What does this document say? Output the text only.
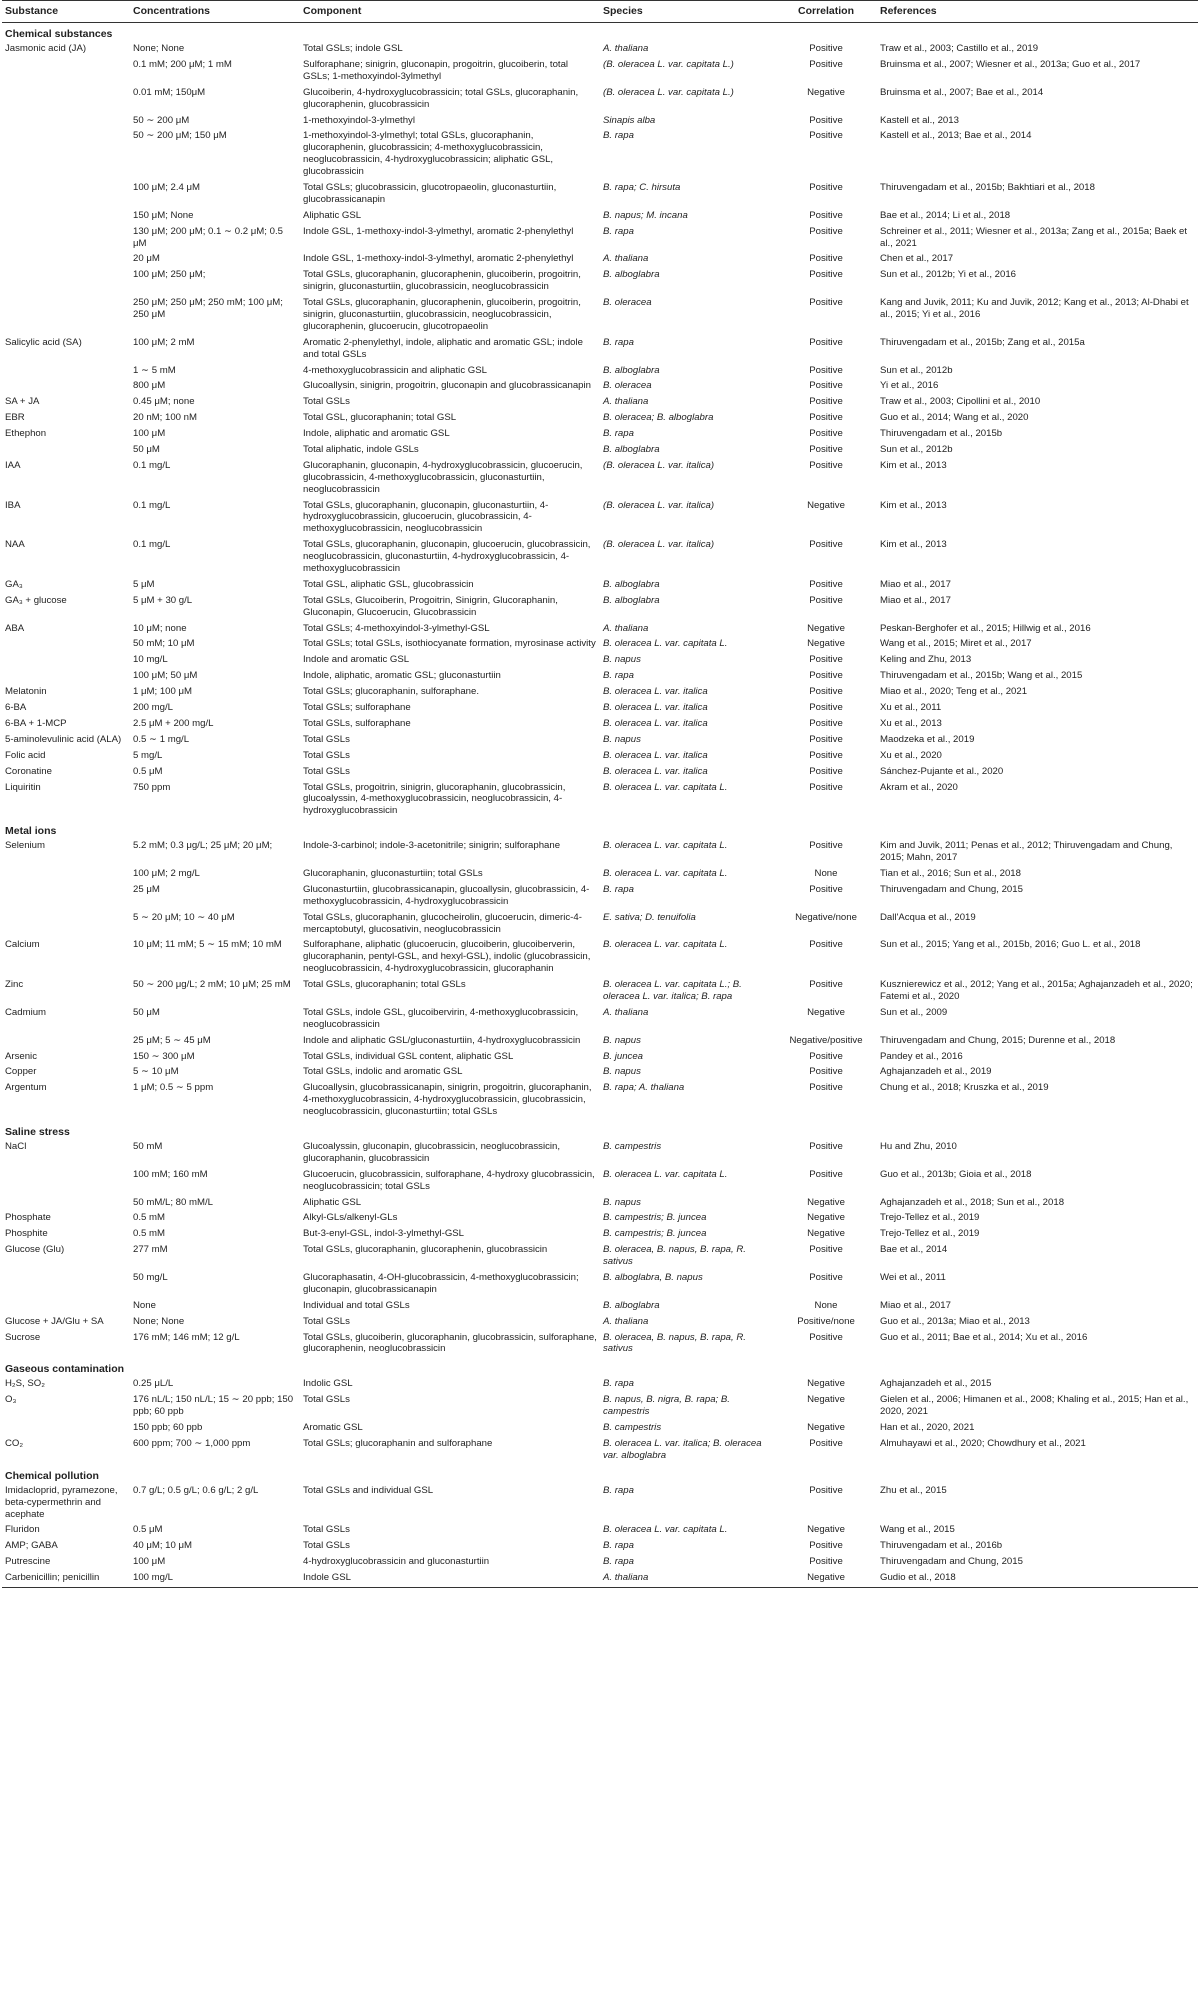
Substance	Concentrations	Component	Species	Correlation	References
Chemical substances					
Jasmonic acid (JA)	None; None	Total GSLs; indole GSL	A. thaliana	Positive	Traw et al., 2003; Castillo et al., 2019
	0.1 mM; 200 μM; 1 mM	Sulforaphane; sinigrin, gluconapin, progoitrin, glucoiberin, total GSLs; 1-methoxyindol-3ylmethyl	(B. oleracea L. var. capitata L.)	Positive	Bruinsma et al., 2007; Wiesner et al., 2013a; Guo et al., 2017
	0.01 mM; 150μM	Glucoiberin, 4-hydroxyglucobrassicin; total GSLs, glucoraphanin, glucoraphenin, glucobrassicin	(B. oleracea L. var. capitata L.)	Negative	Bruinsma et al., 2007; Bae et al., 2014
	50 ∼ 200 μM	1-methoxyindol-3-ylmethyl	Sinapis alba	Positive	Kastell et al., 2013
	50 ∼ 200 μM; 150 μM	1-methoxyindol-3-ylmethyl; total GSLs, glucoraphanin, glucoraphenin, glucobrassicin; 4-methoxyglucobrassicin, neoglucobrassicin, 4-hydroxyglucobrassicin; aliphatic GSL, glucobrassicin	B. rapa	Positive	Kastell et al., 2013; Bae et al., 2014
	100 μM; 2.4 μM	Total GSLs; glucobrassicin, glucotropaeolin, gluconasturtiin, glucobrassicanapin	B. rapa; C. hirsuta	Positive	Thiruvengadam et al., 2015b; Bakhtiari et al., 2018
	150 μM; None	Aliphatic GSL	B. napus; M. incana	Positive	Bae et al., 2014; Li et al., 2018
	130 μM; 200 μM; 0.1 ∼ 0.2 μM; 0.5 μM	Indole GSL, 1-methoxy-indol-3-ylmethyl, aromatic 2-phenylethyl	B. rapa	Positive	Schreiner et al., 2011; Wiesner et al., 2013a; Zang et al., 2015a; Baek et al., 2021
	20 μM	Indole GSL, 1-methoxy-indol-3-ylmethyl, aromatic 2-phenylethyl	A. thaliana	Positive	Chen et al., 2017
	100 μM; 250 μM;	Total GSLs, glucoraphanin, glucoraphenin, glucoiberin, progoitrin, sinigrin, gluconasturtiin, glucobrassicin, neoglucobrassicin	B. alboglabra	Positive	Sun et al., 2012b; Yi et al., 2016
	250 μM; 250 μM; 250 mM; 100 μM; 250 μM	Total GSLs, glucoraphanin, glucoraphenin, glucoiberin, progoitrin, sinigrin, gluconasturtiin, glucobrassicin, neoglucobrassicin, glucoraphenin, glucoerucin, glucotropaeolin	B. oleracea	Positive	Kang and Juvik, 2011; Ku and Juvik, 2012; Kang et al., 2013; Al-Dhabi et al., 2015; Yi et al., 2016
Salicylic acid (SA)	100 μM; 2 mM	Aromatic 2-phenylethyl, indole, aliphatic and aromatic GSL; indole and total GSLs	B. rapa	Positive	Thiruvengadam et al., 2015b; Zang et al., 2015a
	1 ∼ 5 mM	4-methoxyglucobrassicin and aliphatic GSL	B. alboglabra	Positive	Sun et al., 2012b
	800 μM	Glucoallysin, sinigrin, progoitrin, gluconapin and glucobrassicanapin	B. oleracea	Positive	Yi et al., 2016
SA + JA	0.45 μM; none	Total GSLs	A. thaliana	Positive	Traw et al., 2003; Cipollini et al., 2010
EBR	20 nM; 100 nM	Total GSL, glucoraphanin; total GSL	B. oleracea; B. alboglabra	Positive	Guo et al., 2014; Wang et al., 2020
Ethephon	100 μM	Indole, aliphatic and aromatic GSL	B. rapa	Positive	Thiruvengadam et al., 2015b
	50 μM	Total aliphatic, indole GSLs	B. alboglabra	Positive	Sun et al., 2012b
IAA	0.1 mg/L	Glucoraphanin, gluconapin, 4-hydroxyglucobrassicin, glucoerucin, glucobrassicin, 4-methoxyglucobrassicin, gluconasturtiin, neoglucobrassicin	(B. oleracea L. var. italica)	Positive	Kim et al., 2013
IBA	0.1 mg/L	Total GSLs, glucoraphanin, gluconapin, gluconasturtiin, 4-hydroxyglucobrassicin, glucoerucin, glucobrassicin, 4-methoxyglucobrassicin, neoglucobrassicin	(B. oleracea L. var. italica)	Negative	Kim et al., 2013
NAA	0.1 mg/L	Total GSLs, glucoraphanin, gluconapin, glucoerucin, glucobrassicin, neoglucobrassicin, gluconasturtiin, 4-hydroxyglucobrassicin, 4-methoxyglucobrassicin	(B. oleracea L. var. italica)	Positive	Kim et al., 2013
GA₃	5 μM	Total GSL, aliphatic GSL, glucobrassicin	B. alboglabra	Positive	Miao et al., 2017
GA₃ + glucose	5 μM + 30 g/L	Total GSLs, Glucoiberin, Progoitrin, Sinigrin, Glucoraphanin, Gluconapin, Glucoerucin, Glucobrassicin	B. alboglabra	Positive	Miao et al., 2017
ABA	10 μM; none	Total GSLs; 4-methoxyindol-3-ylmethyl-GSL	A. thaliana	Negative	Peskan-Berghofer et al., 2015; Hillwig et al., 2016
	50 mM; 10 μM	Total GSLs; total GSLs, isothiocyanate formation, myrosinase activity	B. oleracea L. var. capitata L.	Negative	Wang et al., 2015; Miret et al., 2017
	10 mg/L	Indole and aromatic GSL	B. napus	Positive	Keling and Zhu, 2013
	100 μM; 50 μM	Indole, aliphatic, aromatic GSL; gluconasturtiin	B. rapa	Positive	Thiruvengadam et al., 2015b; Wang et al., 2015
Melatonin	1 μM; 100 μM	Total GSLs; glucoraphanin, sulforaphane.	B. oleracea L. var. italica	Positive	Miao et al., 2020; Teng et al., 2021
6-BA	200 mg/L	Total GSLs; sulforaphane	B. oleracea L. var. italica	Positive	Xu et al., 2011
6-BA + 1-MCP	2.5 μM + 200 mg/L	Total GSLs, sulforaphane	B. oleracea L. var. italica	Positive	Xu et al., 2013
5-aminolevulinic acid (ALA)	0.5 ∼ 1 mg/L	Total GSLs	B. napus	Positive	Maodzeka et al., 2019
Folic acid	5 mg/L	Total GSLs	B. oleracea L. var. italica	Positive	Xu et al., 2020
Coronatine	0.5 μM	Total GSLs	B. oleracea L. var. italica	Positive	Sánchez-Pujante et al., 2020
Liquiritin	750 ppm	Total GSLs, progoitrin, sinigrin, glucoraphanin, glucobrassicin, glucoalyssin, 4-methoxyglucobrassicin, neoglucobrassicin, 4-hydroxyglucobrassicin	B. oleracea L. var. capitata L.	Positive	Akram et al., 2020
Metal ions					
Selenium	5.2 mM; 0.3 μg/L; 25 μM; 20 μM;	Indole-3-carbinol; indole-3-acetonitrile; sinigrin; sulforaphane	B. oleracea L. var. capitata L.	Positive	Kim and Juvik, 2011; Penas et al., 2012; Thiruvengadam and Chung, 2015; Mahn, 2017
	100 μM; 2 mg/L	Glucoraphanin, gluconasturtiin; total GSLs	B. oleracea L. var. capitata L.	None	Tian et al., 2016; Sun et al., 2018
	25 μM	Gluconasturtiin, glucobrassicanapin, glucoallysin, glucobrassicin, 4-methoxyglucobrassicin, 4-hydroxyglucobrassicin	B. rapa	Positive	Thiruvengadam and Chung, 2015
	5 ∼ 20 μM; 10 ∼ 40 μM	Total GSLs, glucoraphanin, glucocheirolin, glucoerucin, dimeric-4-mercaptobutyl, glucosativin, neoglucobrassicin	E. sativa; D. tenuifolia	Negative/none	Dall'Acqua et al., 2019
Calcium	10 μM; 11 mM; 5 ∼ 15 mM; 10 mM	Sulforaphane, aliphatic (glucoerucin, glucoiberin, glucoiberverin, glucoraphanin, pentyl-GSL, and hexyl-GSL), indolic (glucobrassicin, neoglucobrassicin, 4-hydroxyglucobrassicin, glucoraphanin	B. oleracea L. var. capitata L.	Positive	Sun et al., 2015; Yang et al., 2015b, 2016; Guo L. et al., 2018
Zinc	50 ∼ 200 μg/L; 2 mM; 10 μM; 25 mM	Total GSLs, glucoraphanin; total GSLs	B. oleracea L. var. capitata L.; B. oleracea L. var. italica; B. rapa	Positive	Kusznierewicz et al., 2012; Yang et al., 2015a; Aghajanzadeh et al., 2020; Fatemi et al., 2020
Cadmium	50 μM	Total GSLs, indole GSL, glucoibervirin, 4-methoxyglucobrassicin, neoglucobrassicin	A. thaliana	Negative	Sun et al., 2009
	25 μM; 5 ∼ 45 μM	Indole and aliphatic GSL/gluconasturtiin, 4-hydroxyglucobrassicin	B. napus	Negative/positive	Thiruvengadam and Chung, 2015; Durenne et al., 2018
Arsenic	150 ∼ 300 μM	Total GSLs, individual GSL content, aliphatic GSL	B. juncea	Positive	Pandey et al., 2016
Copper	5 ∼ 10 μM	Total GSLs, indolic and aromatic GSL	B. napus	Positive	Aghajanzadeh et al., 2019
Argentum	1 μM; 0.5 ∼ 5 ppm	Glucoallysin, glucobrassicanapin, sinigrin, progoitrin, glucoraphanin, 4-methoxyglucobrassicin, 4-hydroxyglucobrassicin, glucobrassicin, neoglucobrassicin, gluconasturtiin; total GSLs	B. rapa; A. thaliana	Positive	Chung et al., 2018; Kruszka et al., 2019
Saline stress					
NaCl	50 mM	Glucoalyssin, gluconapin, glucobrassicin, neoglucobrassicin, glucoraphanin, glucobrassicin	B. campestris	Positive	Hu and Zhu, 2010
	100 mM; 160 mM	Glucoerucin, glucobrassicin, sulforaphane, 4-hydroxy glucobrassicin, neoglucobrassicin; total GSLs	B. oleracea L. var. capitata L.	Positive	Guo et al., 2013b; Gioia et al., 2018
	50 mM/L; 80 mM/L	Aliphatic GSL	B. napus	Negative	Aghajanzadeh et al., 2018; Sun et al., 2018
Phosphate	0.5 mM	Alkyl-GLs/alkenyl-GLs	B. campestris; B. juncea	Negative	Trejo-Tellez et al., 2019
Phosphite	0.5 mM	But-3-enyl-GSL, indol-3-ylmethyl-GSL	B. campestris; B. juncea	Negative	Trejo-Tellez et al., 2019
Glucose (Glu)	277 mM	Total GSLs, glucoraphanin, glucoraphenin, glucobrassicin	B. oleracea, B. napus, B. rapa, R. sativus	Positive	Bae et al., 2014
	50 mg/L	Glucoraphasatin, 4-OH-glucobrassicin, 4-methoxyglucobrassicin; gluconapin, glucobrassicanapin	B. alboglabra, B. napus	Positive	Wei et al., 2011
	None	Individual and total GSLs	B. alboglabra	None	Miao et al., 2017
Glucose + JA/Glu + SA	None; None	Total GSLs	A. thaliana	Positive/none	Guo et al., 2013a; Miao et al., 2013
Sucrose	176 mM; 146 mM; 12 g/L	Total GSLs, glucoiberin, glucoraphanin, glucobrassicin, sulforaphane, glucoraphenin, neoglucobrassicin	B. oleracea, B. napus, B. rapa, R. sativus	Positive	Guo et al., 2011; Bae et al., 2014; Xu et al., 2016
Gaseous contamination					
H₂S, SO₂	0.25 μL/L	Indolic GSL	B. rapa	Negative	Aghajanzadeh et al., 2015
O₃	176 nL/L; 150 nL/L; 15 ∼ 20 ppb; 150 ppb; 60 ppb	Total GSLs	B. napus, B. nigra, B. rapa; B. campestris	Negative	Gielen et al., 2006; Himanen et al., 2008; Khaling et al., 2015; Han et al., 2020, 2021
	150 ppb; 60 ppb	Aromatic GSL	B. campestris	Negative	Han et al., 2020, 2021
CO₂	600 ppm; 700 ∼ 1,000 ppm	Total GSLs; glucoraphanin and sulforaphane	B. oleracea L. var. italica; B. oleracea var. alboglabra	Positive	Almuhayawi et al., 2020; Chowdhury et al., 2021
Chemical pollution					
Imidacloprid, pyramezone, beta-cypermethrin and acephate	0.7 g/L; 0.5 g/L; 0.6 g/L; 2 g/L	Total GSLs and individual GSL	B. rapa	Positive	Zhu et al., 2015
Fluridon	0.5 μM	Total GSLs	B. oleracea L. var. capitata L.	Negative	Wang et al., 2015
AMP; GABA	40 μM; 10 μM	Total GSLs	B. rapa	Positive	Thiruvengadam et al., 2016b
Putrescine	100 μM	4-hydroxyglucobrassicin and gluconasturtiin	B. rapa	Positive	Thiruvengadam and Chung, 2015
Carbenicillin; penicillin	100 mg/L	Indole GSL	A. thaliana	Negative	Gudio et al., 2018
